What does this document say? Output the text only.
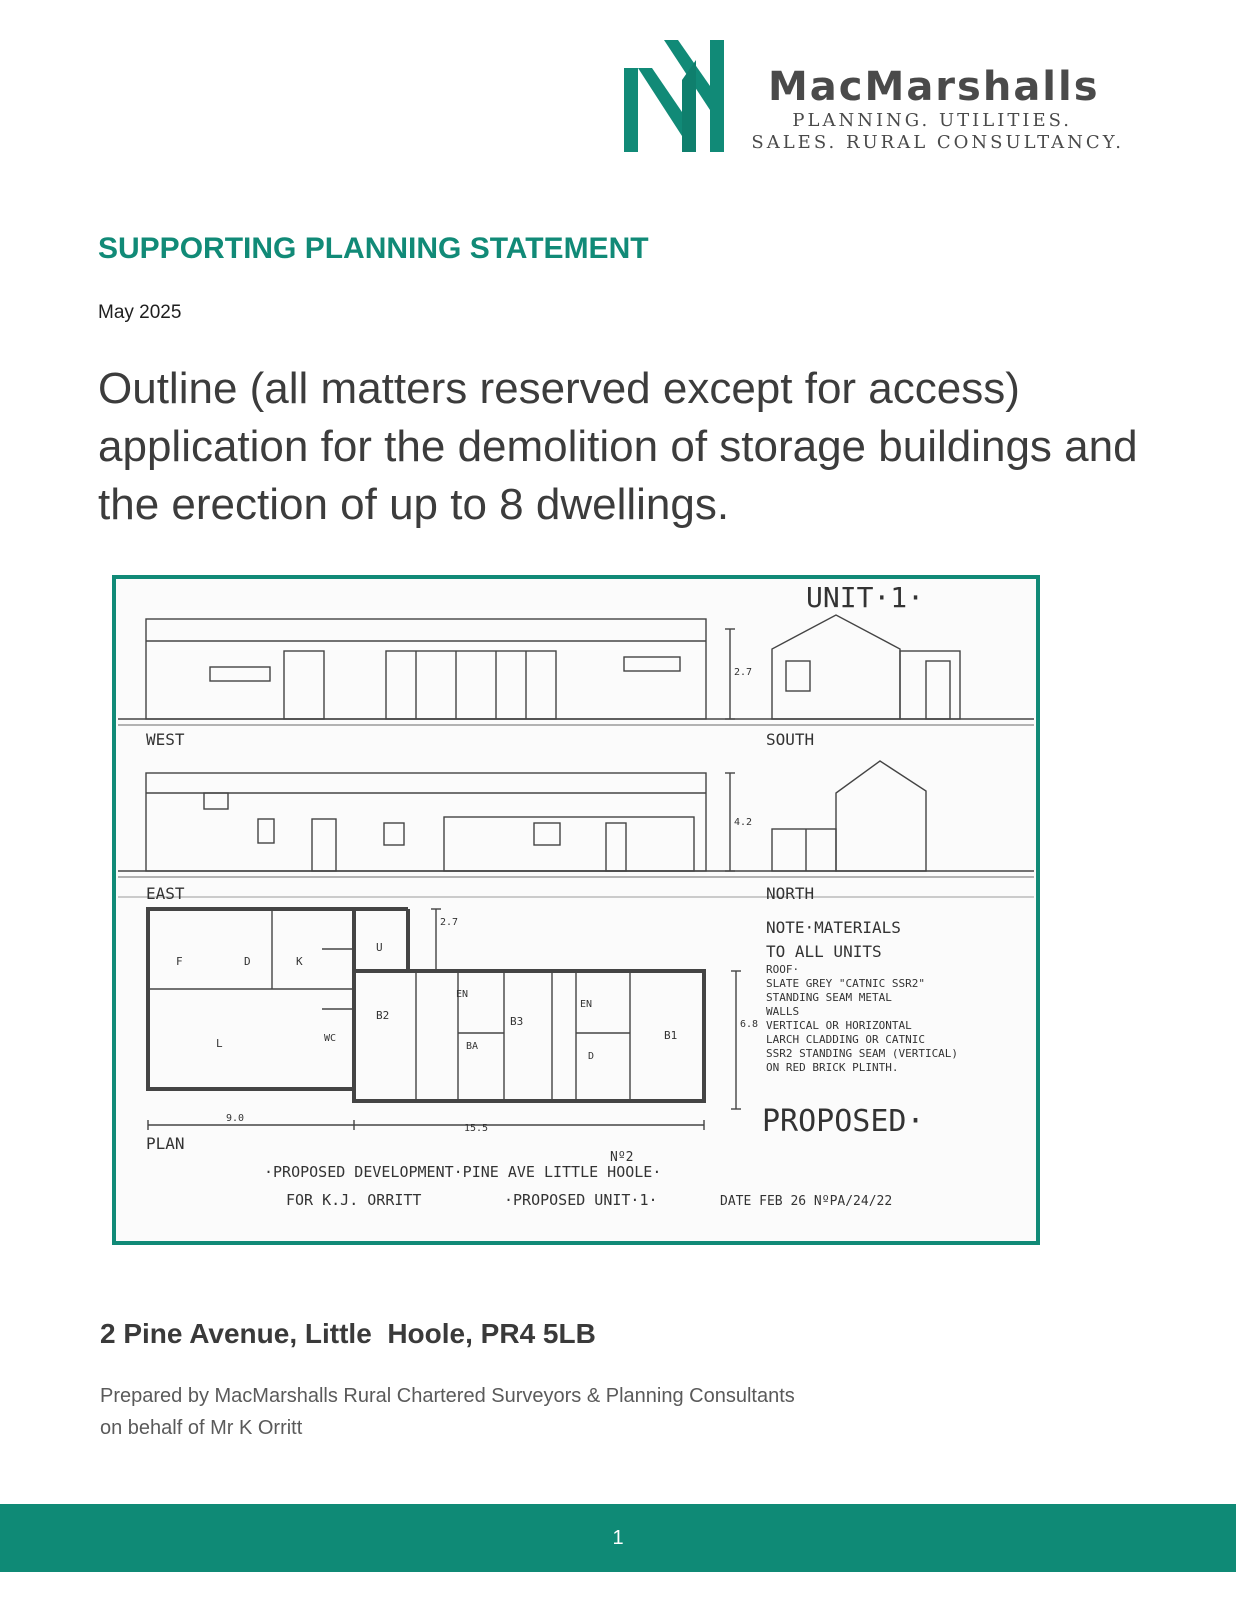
MacMarshalls
PLANNING. UTILITIES.
SALES. RURAL CONSULTANCY.
SUPPORTING PLANNING STATEMENT
May 2025
Outline (all matters reserved except for access) application for the demolition of storage buildings and the erection of up to 8 dwellings.
UNIT·1·
WEST	SOUTH
EAST	NORTH
PLAN
PROPOSED·
2.7
4.2
2.7
9.0
15.5
6.8
F	D	K
U
L	WC
B2
EN
B3
EN
B1
BA
D
NOTE·MATERIALS
TO ALL UNITS
ROOF·
SLATE GREY "CATNIC SSR2"
STANDING SEAM METAL
WALLS
VERTICAL OR HORIZONTAL
LARCH CLADDING OR CATNIC
SSR2 STANDING SEAM (VERTICAL)
ON RED BRICK PLINTH.
Nº2
·PROPOSED DEVELOPMENT·PINE AVE LITTLE HOOLE·
FOR K.J. ORRITT	·PROPOSED UNIT·1·	DATE FEB 26 NºPA/24/22
2 Pine Avenue, Little  Hoole, PR4 5LB
Prepared by MacMarshalls Rural Chartered Surveyors & Planning Consultants
on behalf of Mr K Orritt
1
